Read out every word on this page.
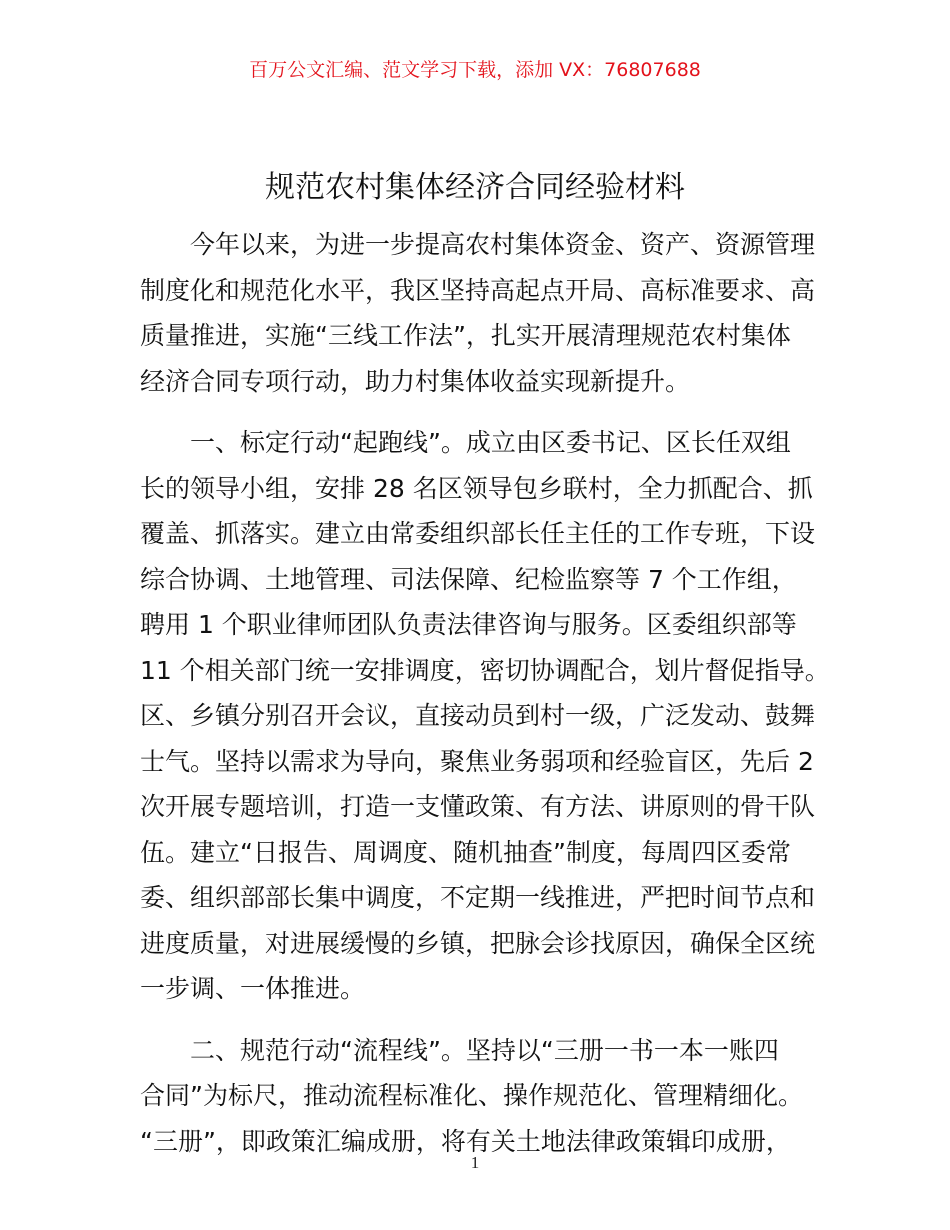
百万公文汇编、范文学习下载，添加 VX：76807688
规范农村集体经济合同经验材料
　　今年以来，为进一步提高农村集体资金、资产、资源管理
制度化和规范化水平，我区坚持高起点开局、高标准要求、高
质量推进，实施“三线工作法”，扎实开展清理规范农村集体
经济合同专项行动，助力村集体收益实现新提升。
　　一、标定行动“起跑线”。成立由区委书记、区长任双组
长的领导小组，安排 28 名区领导包乡联村，全力抓配合、抓
覆盖、抓落实。建立由常委组织部长任主任的工作专班，下设
综合协调、土地管理、司法保障、纪检监察等 7 个工作组，
聘用 1 个职业律师团队负责法律咨询与服务。区委组织部等
11 个相关部门统一安排调度，密切协调配合，划片督促指导。
区、乡镇分别召开会议，直接动员到村一级，广泛发动、鼓舞
士气。坚持以需求为导向，聚焦业务弱项和经验盲区，先后 2
次开展专题培训，打造一支懂政策、有方法、讲原则的骨干队
伍。建立“日报告、周调度、随机抽查”制度，每周四区委常
委、组织部部长集中调度，不定期一线推进，严把时间节点和
进度质量，对进展缓慢的乡镇，把脉会诊找原因，确保全区统
一步调、一体推进。
　　二、规范行动“流程线”。坚持以“三册一书一本一账四
合同”为标尺，推动流程标准化、操作规范化、管理精细化。
“三册”，即政策汇编成册，将有关土地法律政策辑印成册，
1
